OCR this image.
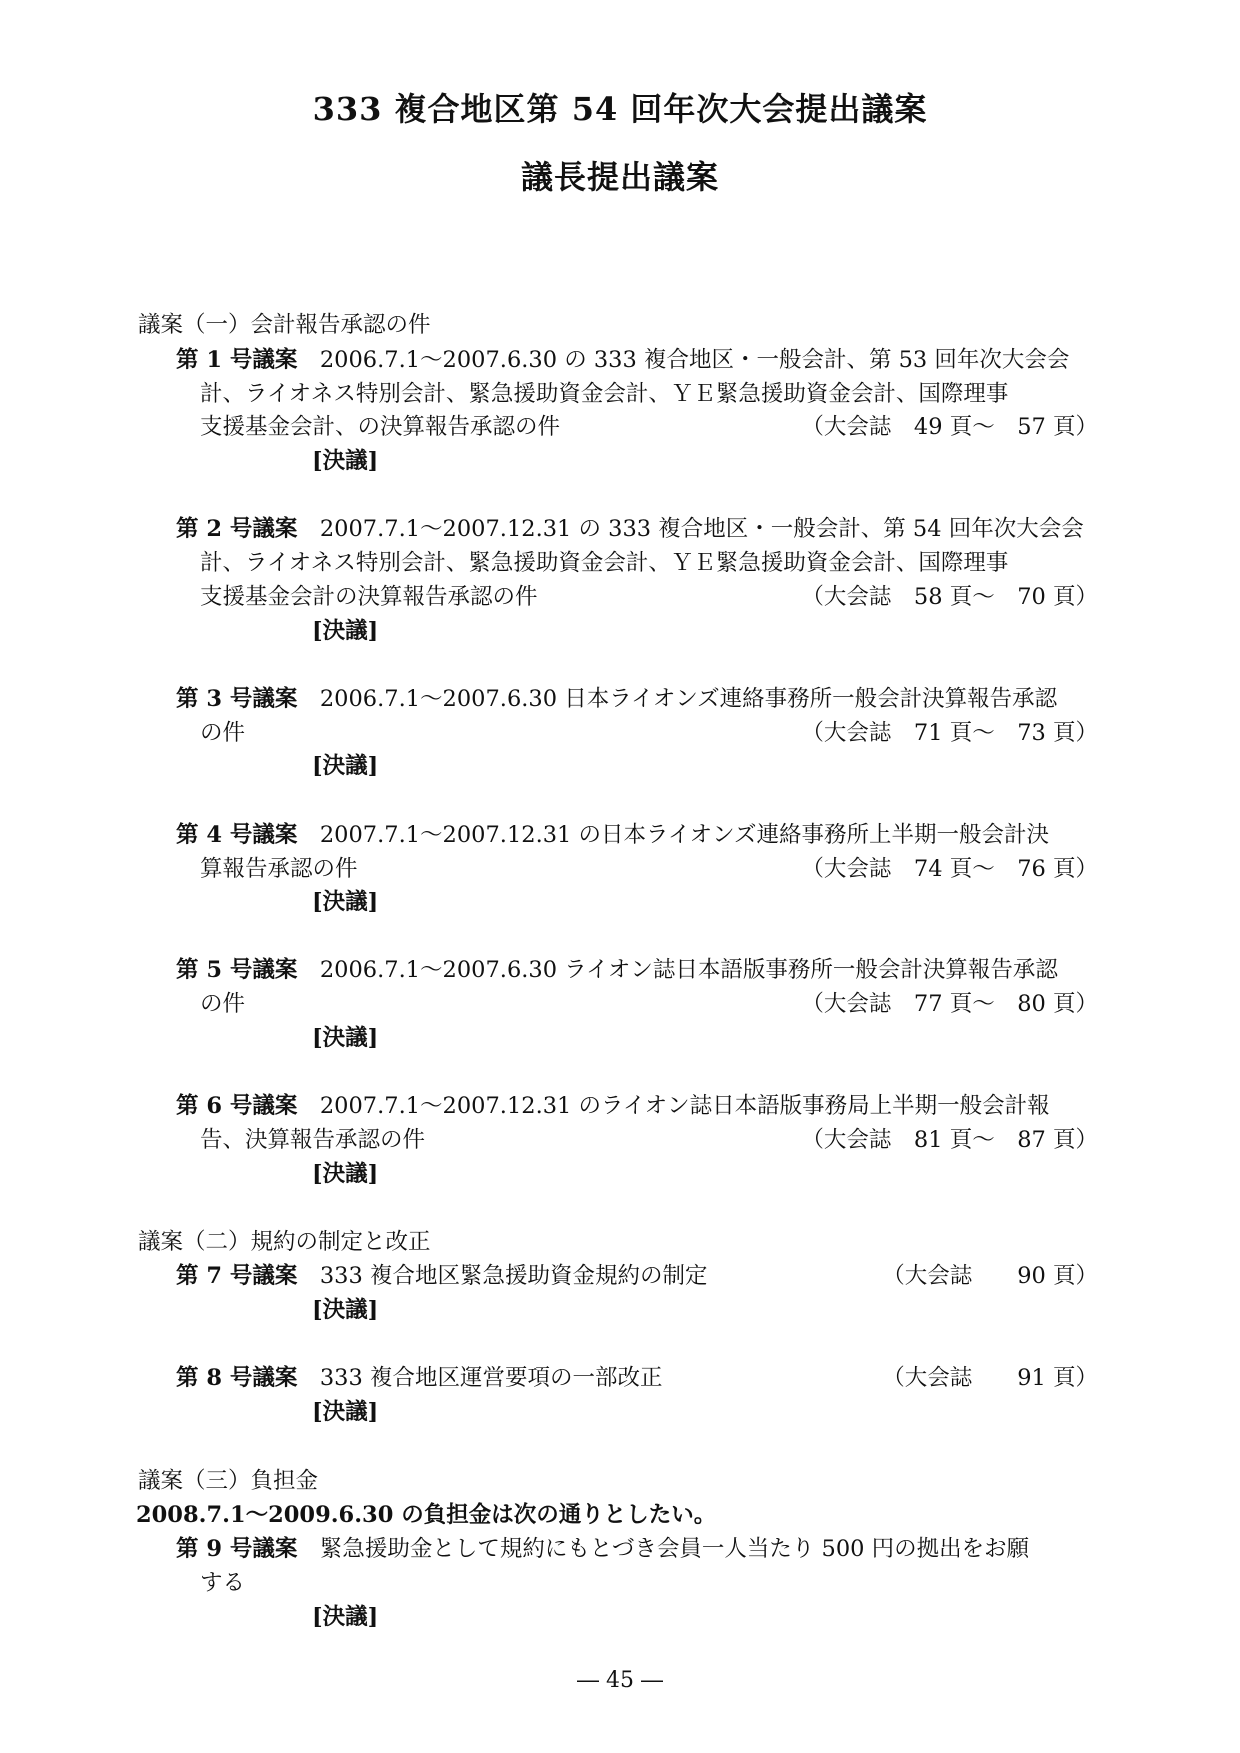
333 複合地区第 54 回年次大会提出議案
議長提出議案
議案（一）会計報告承認の件
第 1 号議案　 2006.7.1～2007.6.30 の 333 複合地区・一般会計、第 53 回年次大会会
計、ライオネス特別会計、緊急援助資金会計、ＹＥ緊急援助資金会計、国際理事
支援基金会計、の決算報告承認の件	（大会誌　49 頁～　57 頁）
[決議]
第 2 号議案　 2007.7.1～2007.12.31 の 333 複合地区・一般会計、第 54 回年次大会会
計、ライオネス特別会計、緊急援助資金会計、ＹＥ緊急援助資金会計、国際理事
支援基金会計の決算報告承認の件	（大会誌　58 頁～　70 頁）
[決議]
第 3 号議案　 2006.7.1～2007.6.30 日本ライオンズ連絡事務所一般会計決算報告承認
の件	（大会誌　71 頁～　73 頁）
[決議]
第 4 号議案　 2007.7.1～2007.12.31 の日本ライオンズ連絡事務所上半期一般会計決
算報告承認の件	（大会誌　74 頁～　76 頁）
[決議]
第 5 号議案　 2006.7.1～2007.6.30 ライオン誌日本語版事務所一般会計決算報告承認
の件	（大会誌　77 頁～　80 頁）
[決議]
第 6 号議案　 2007.7.1～2007.12.31 のライオン誌日本語版事務局上半期一般会計報
告、決算報告承認の件	（大会誌　81 頁～　87 頁）
[決議]
議案（二）規約の制定と改正
第 7 号議案　 333 複合地区緊急援助資金規約の制定	（大会誌　　90 頁）
[決議]
第 8 号議案　 333 複合地区運営要項の一部改正	（大会誌　　91 頁）
[決議]
議案（三）負担金
2008.7.1～2009.6.30 の負担金は次の通りとしたい。
第 9 号議案　 緊急援助金として規約にもとづき会員一人当たり 500 円の拠出をお願
する
[決議]
― 45 ―
